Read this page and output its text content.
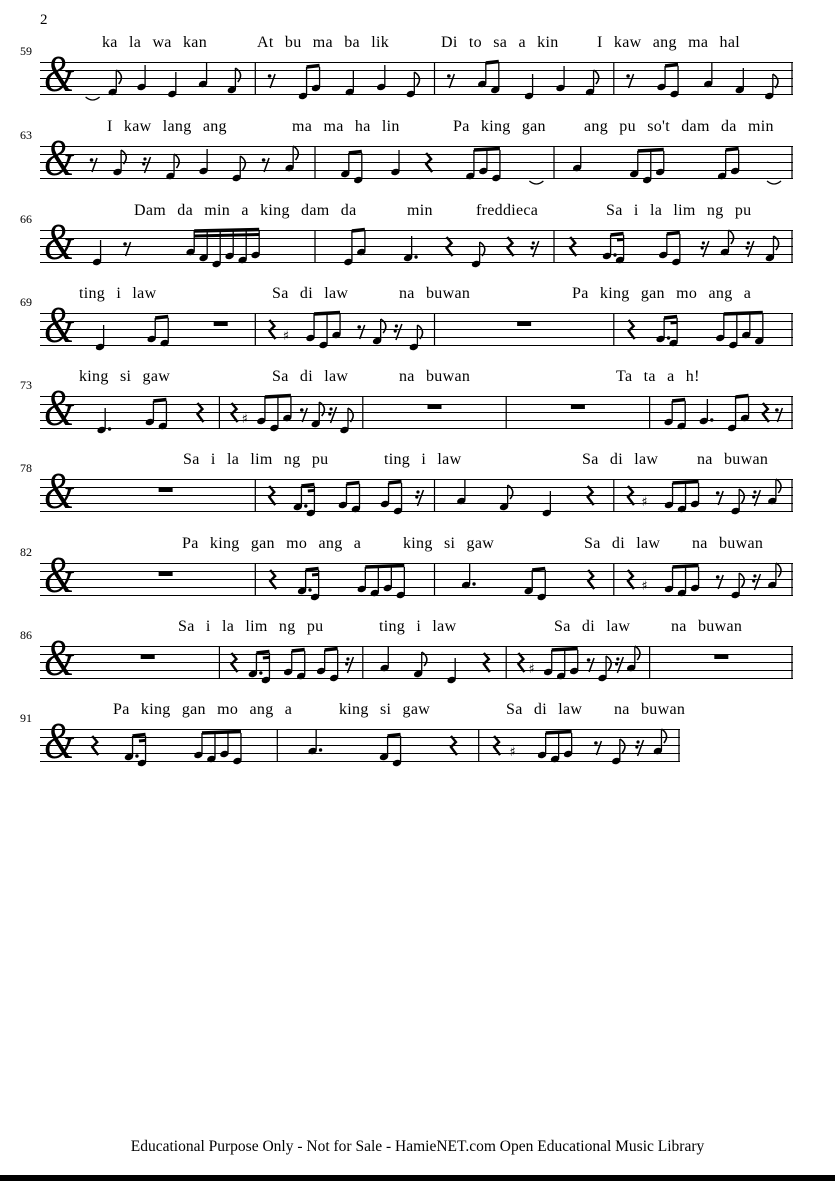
2
59	ka la wa kan	At bu ma ba lik	Di to sa a kin I kaw ang ma hal
&
63	I kaw lang ang	ma ma ha lin	Pa king gan ang pu so't dam da min
&
66	Dam da min a king dam da	min	freddieca	Sa i la lim ng pu
&
69	ting i law	Sa di law	na buwan	Pa king gan mo ang a
&	♯
73	king si gaw	Sa di law	na buwan	Ta ta a h!
&	♯
78	Sa i la lim ng pu	ting i law	Sa di law na buwan
&	♯
82	Pa king gan mo ang a	king si gaw	Sa di law na buwan
&	♯
86	Sa i la lim ng pu	ting i law	Sa di law	na buwan
&	♯
91	Pa king gan mo ang a	king si gaw	Sa di law na buwan
&	♯
Educational Purpose Only - Not for Sale - HamieNET.com Open Educational Music Library
